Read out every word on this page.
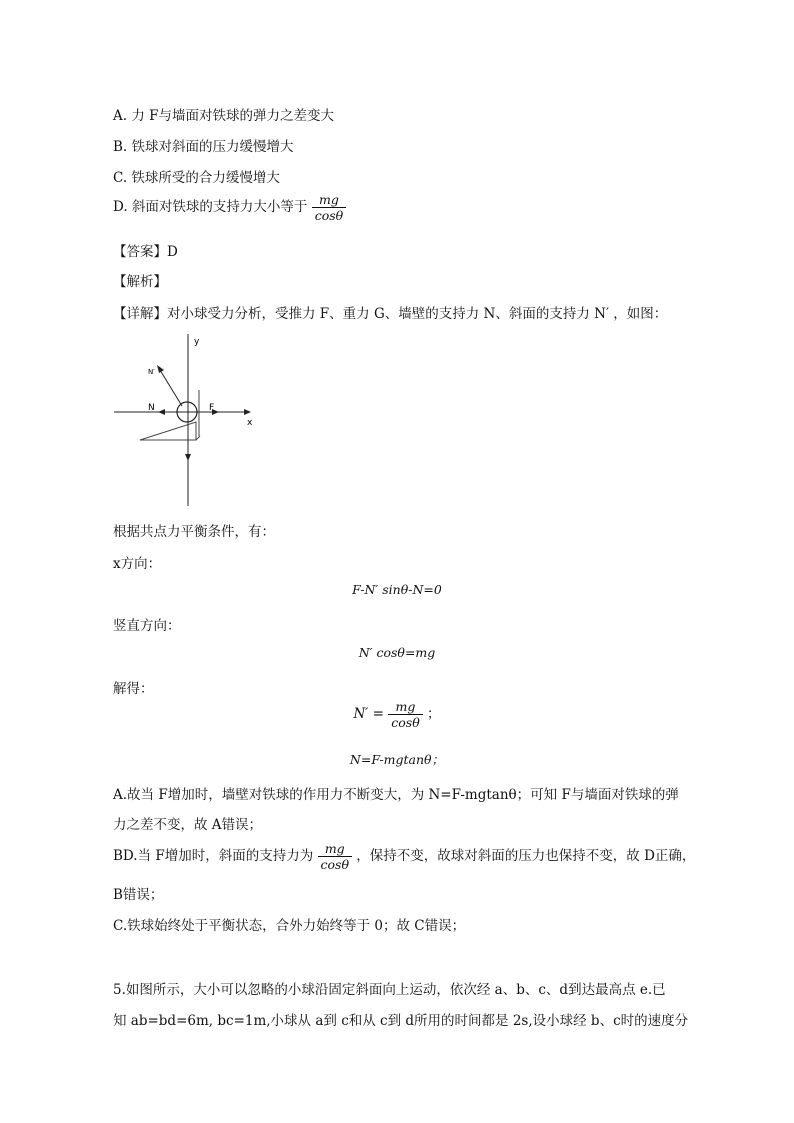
A. 力 F与墙面对铁球的弹力之差变大
B. 铁球对斜面的压力缓慢增大
C. 铁球所受的合力缓慢增大
D. 斜面对铁球的支持力大小等于 $\frac{mg}{\cos\theta}$
【答案】D
【解析】
【详解】对小球受力分析，受推力 F、重力 G、墙壁的支持力 N、斜面的支持力 N′ ，如图：
y
x
N	F
N′
根据共点力平衡条件，有：
x方向：
F-N′ sinθ-N=0
竖直方向：
N′ cosθ=mg
解得：
$N' = \frac{mg}{\cos\theta}$ ；
N=F-mgtanθ；
A.故当 F增加时，墙壁对铁球的作用力不断变大，为 N=F-mgtanθ；可知 F与墙面对铁球的弹
力之差不变，故 A错误；
BD.当 F增加时，斜面的支持力为 $\frac{mg}{\cos\theta}$ ，保持不变，故球对斜面的压力也保持不变，故 D正确，
B错误；
C.铁球始终处于平衡状态，合外力始终等于 0；故 C错误；
5.如图所示，大小可以忽略的小球沿固定斜面向上运动，依次经 a、b、c、d到达最高点 e.已
知 ab=bd=6m, bc=1m,小球从 a到 c和从 c到 d所用的时间都是 2s,设小球经 b、c时的速度分
